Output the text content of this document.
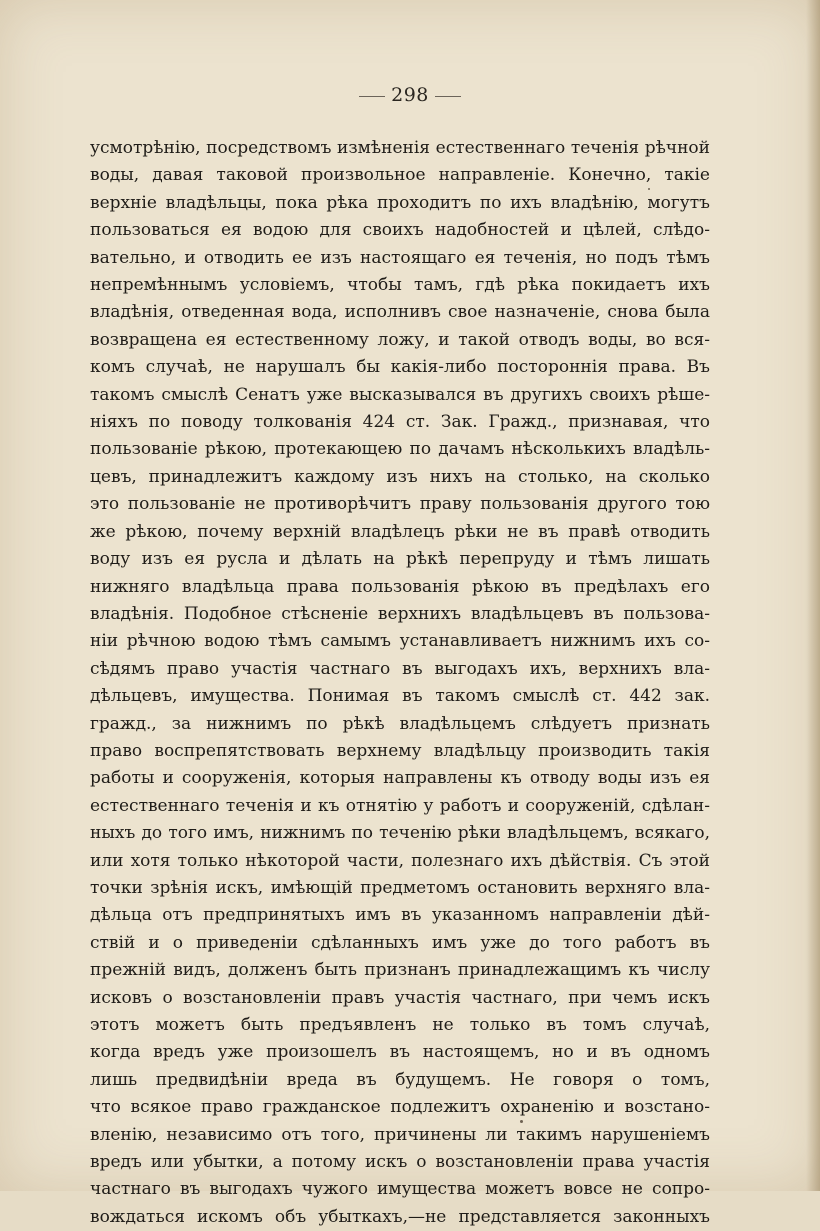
298
усмотрѣнію, посредствомъ измѣненія естественнаго теченія рѣчной
воды, давая таковой произвольное направленіе. Конечно, такіе
верхніе владѣльцы, пока рѣка проходитъ по ихъ владѣнію, могутъ
пользоваться ея водою для своихъ надобностей и цѣлей, слѣдо-
вательно, и отводить ее изъ настоящаго ея теченія, но подъ тѣмъ
непремѣннымъ условіемъ, чтобы тамъ, гдѣ рѣка покидаетъ ихъ
владѣнія, отведенная вода, исполнивъ свое назначеніе, снова была
возвращена ея естественному ложу, и такой отводъ воды, во вся-
комъ случаѣ, не нарушалъ бы какія-либо постороннія права. Въ
такомъ смыслѣ Сенатъ уже высказывался въ другихъ своихъ рѣше-
ніяхъ по поводу толкованія 424 ст. Зак. Гражд., признавая, что
пользованіе рѣкою, протекающею по дачамъ нѣсколькихъ владѣль-
цевъ, принадлежитъ каждому изъ нихъ на столько, на сколько
это пользованіе не противорѣчитъ праву пользованія другого тою
же рѣкою, почему верхній владѣлецъ рѣки не въ правѣ отводить
воду изъ ея русла и дѣлать на рѣкѣ перепруду и тѣмъ лишать
нижняго владѣльца права пользованія рѣкою въ предѣлахъ его
владѣнія. Подобное стѣсненіе верхнихъ владѣльцевъ въ пользова-
ніи рѣчною водою тѣмъ самымъ устанавливаетъ нижнимъ ихъ со-
сѣдямъ право участія частнаго въ выгодахъ ихъ, верхнихъ вла-
дѣльцевъ, имущества. Понимая въ такомъ смыслѣ ст. 442 зак.
гражд., за нижнимъ по рѣкѣ владѣльцемъ слѣдуетъ признать
право воспрепятствовать верхнему владѣльцу производить такія
работы и сооруженія, которыя направлены къ отводу воды изъ ея
естественнаго теченія и къ отнятію у работъ и сооруженій, сдѣлан-
ныхъ до того имъ, нижнимъ по теченію рѣки владѣльцемъ, всякаго,
или хотя только нѣкоторой части, полезнаго ихъ дѣйствія. Съ этой
точки зрѣнія искъ, имѣющій предметомъ остановить верхняго вла-
дѣльца отъ предпринятыхъ имъ въ указанномъ направленіи дѣй-
ствій и о приведеніи сдѣланныхъ имъ уже до того работъ въ
прежній видъ, долженъ быть признанъ принадлежащимъ къ числу
исковъ о возстановленіи правъ участія частнаго, при чемъ искъ
этотъ можетъ быть предъявленъ не только въ томъ случаѣ,
когда вредъ уже произошелъ въ настоящемъ, но и въ одномъ
лишь предвидѣніи вреда въ будущемъ. Не говоря о томъ,
что всякое право гражданское подлежитъ охраненію и возстано-
вленію, независимо отъ того, причинены ли такимъ нарушеніемъ
вредъ или убытки, а потому искъ о возстановленіи права участія
частнаго въ выгодахъ чужого имущества можетъ вовсе не сопро-
вождаться искомъ объ убыткахъ,—не представляется законныхъ
